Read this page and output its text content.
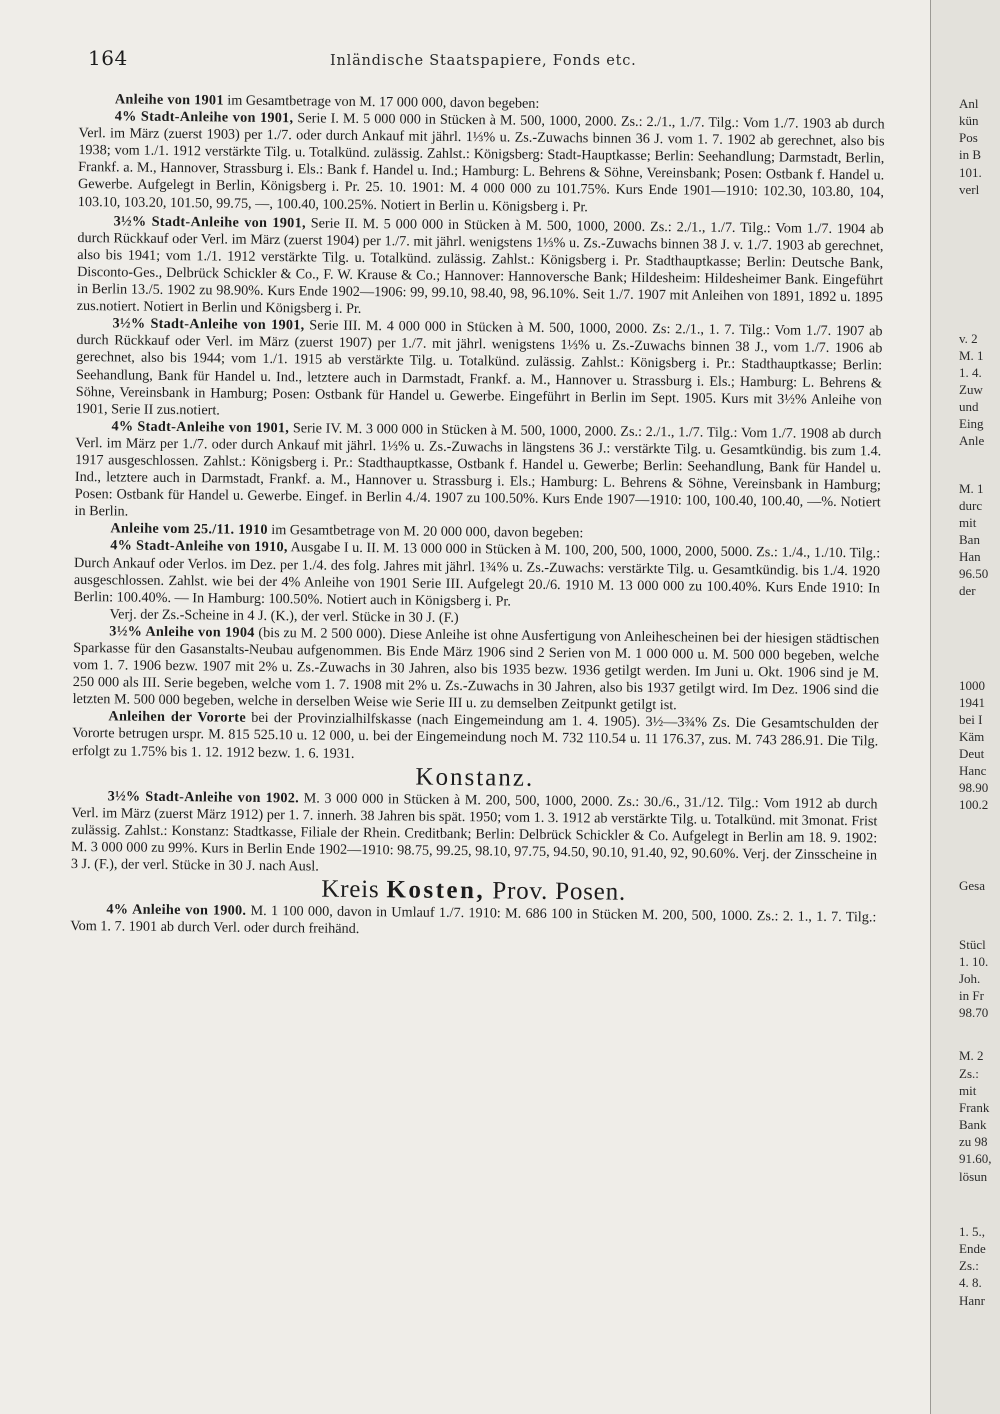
164	Inländische Staatspapiere, Fonds etc.

Anleihe von 1901 im Gesamtbetrage von M. 17 000 000, davon begeben:

4% Stadt-Anleihe von 1901, Serie I. M. 5 000 000 in Stücken à M. 500, 1000, 2000. Zs.: 2./1., 1./7. Tilg.: Vom 1./7. 1903 ab durch Verl. im März (zuerst 1903) per 1./7. oder durch Ankauf mit jährl. 1⅓% u. Zs.-Zuwachs binnen 36 J. vom 1. 7. 1902 ab gerechnet, also bis 1938; vom 1./1. 1912 verstärkte Tilg. u. Totalkünd. zulässig. Zahlst.: Königsberg: Stadt-Hauptkasse; Berlin: Seehandlung; Darmstadt, Berlin, Frankf. a. M., Hannover, Strassburg i. Els.: Bank f. Handel u. Ind.; Hamburg: L. Behrens & Söhne, Vereinsbank; Posen: Ostbank f. Handel u. Gewerbe. Aufgelegt in Berlin, Königsberg i. Pr. 25. 10. 1901: M. 4 000 000 zu 101.75%. Kurs Ende 1901—1910: 102.30, 103.80, 104, 103.10, 103.20, 101.50, 99.75, —, 100.40, 100.25%. Notiert in Berlin u. Königsberg i. Pr.

3½% Stadt-Anleihe von 1901, Serie II. M. 5 000 000 in Stücken à M. 500, 1000, 2000. Zs.: 2./1., 1./7. Tilg.: Vom 1./7. 1904 ab durch Rückkauf oder Verl. im März (zuerst 1904) per 1./7. mit jährl. wenigstens 1⅓% u. Zs.-Zuwachs binnen 38 J. v. 1./7. 1903 ab gerechnet, also bis 1941; vom 1./1. 1912 verstärkte Tilg. u. Totalkünd. zulässig. Zahlst.: Königsberg i. Pr. Stadthauptkasse; Berlin: Deutsche Bank, Disconto-Ges., Delbrück Schickler & Co., F. W. Krause & Co.; Hannover: Hannoversche Bank; Hildesheim: Hildesheimer Bank. Eingeführt in Berlin 13./5. 1902 zu 98.90%. Kurs Ende 1902—1906: 99, 99.10, 98.40, 98, 96.10%. Seit 1./7. 1907 mit Anleihen von 1891, 1892 u. 1895 zus.notiert. Notiert in Berlin und Königsberg i. Pr.

3½% Stadt-Anleihe von 1901, Serie III. M. 4 000 000 in Stücken à M. 500, 1000, 2000. Zs: 2./1., 1. 7. Tilg.: Vom 1./7. 1907 ab durch Rückkauf oder Verl. im März (zuerst 1907) per 1./7. mit jährl. wenigstens 1⅓% u. Zs.-Zuwachs binnen 38 J., vom 1./7. 1906 ab gerechnet, also bis 1944; vom 1./1. 1915 ab verstärkte Tilg. u. Totalkünd. zulässig. Zahlst.: Königsberg i. Pr.: Stadthauptkasse; Berlin: Seehandlung, Bank für Handel u. Ind., letztere auch in Darmstadt, Frankf. a. M., Hannover u. Strassburg i. Els.; Hamburg: L. Behrens & Söhne, Vereinsbank in Hamburg; Posen: Ostbank für Handel u. Gewerbe. Eingeführt in Berlin im Sept. 1905. Kurs mit 3½% Anleihe von 1901, Serie II zus.notiert.

4% Stadt-Anleihe von 1901, Serie IV. M. 3 000 000 in Stücken à M. 500, 1000, 2000. Zs.: 2./1., 1./7. Tilg.: Vom 1./7. 1908 ab durch Verl. im März per 1./7. oder durch Ankauf mit jährl. 1⅓% u. Zs.-Zuwachs in längstens 36 J.: verstärkte Tilg. u. Gesamtkündig. bis zum 1.4. 1917 ausgeschlossen. Zahlst.: Königsberg i. Pr.: Stadthauptkasse, Ostbank f. Handel u. Gewerbe; Berlin: Seehandlung, Bank für Handel u. Ind., letztere auch in Darmstadt, Frankf. a. M., Hannover u. Strassburg i. Els.; Hamburg: L. Behrens & Söhne, Vereinsbank in Hamburg; Posen: Ostbank für Handel u. Gewerbe. Eingef. in Berlin 4./4. 1907 zu 100.50%. Kurs Ende 1907—1910: 100, 100.40, 100.40, —%. Notiert in Berlin.

Anleihe vom 25./11. 1910 im Gesamtbetrage von M. 20 000 000, davon begeben:

4% Stadt-Anleihe von 1910, Ausgabe I u. II. M. 13 000 000 in Stücken à M. 100, 200, 500, 1000, 2000, 5000. Zs.: 1./4., 1./10. Tilg.: Durch Ankauf oder Verlos. im Dez. per 1./4. des folg. Jahres mit jährl. 1¾% u. Zs.-Zuwachs: verstärkte Tilg. u. Gesamtkündig. bis 1./4. 1920 ausgeschlossen. Zahlst. wie bei der 4% Anleihe von 1901 Serie III. Aufgelegt 20./6. 1910 M. 13 000 000 zu 100.40%. Kurs Ende 1910: In Berlin: 100.40%. — In Hamburg: 100.50%. Notiert auch in Königsberg i. Pr.

Verj. der Zs.-Scheine in 4 J. (K.), der verl. Stücke in 30 J. (F.)

3½% Anleihe von 1904 (bis zu M. 2 500 000). Diese Anleihe ist ohne Ausfertigung von Anleihescheinen bei der hiesigen städtischen Sparkasse für den Gasanstalts-Neubau aufgenommen. Bis Ende März 1906 sind 2 Serien von M. 1 000 000 u. M. 500 000 begeben, welche vom 1. 7. 1906 bezw. 1907 mit 2% u. Zs.-Zuwachs in 30 Jahren, also bis 1935 bezw. 1936 getilgt werden. Im Juni u. Okt. 1906 sind je M. 250 000 als III. Serie begeben, welche vom 1. 7. 1908 mit 2% u. Zs.-Zuwachs in 30 Jahren, also bis 1937 getilgt wird. Im Dez. 1906 sind die letzten M. 500 000 begeben, welche in derselben Weise wie Serie III u. zu demselben Zeitpunkt getilgt ist.

Anleihen der Vororte bei der Provinzialhilfskasse (nach Eingemeindung am 1. 4. 1905). 3½—3¾% Zs. Die Gesamtschulden der Vororte betrugen urspr. M. 815 525.10 u. 12 000, u. bei der Eingemeindung noch M. 732 110.54 u. 11 176.37, zus. M. 743 286.91. Die Tilg. erfolgt zu 1.75% bis 1. 12. 1912 bezw. 1. 6. 1931.

Konstanz.

3½% Stadt-Anleihe von 1902. M. 3 000 000 in Stücken à M. 200, 500, 1000, 2000. Zs.: 30./6., 31./12. Tilg.: Vom 1912 ab durch Verl. im März (zuerst März 1912) per 1. 7. innerh. 38 Jahren bis spät. 1950; vom 1. 3. 1912 ab verstärkte Tilg. u. Totalkünd. mit 3monat. Frist zulässig. Zahlst.: Konstanz: Stadtkasse, Filiale der Rhein. Creditbank; Berlin: Delbrück Schickler & Co. Aufgelegt in Berlin am 18. 9. 1902: M. 3 000 000 zu 99%. Kurs in Berlin Ende 1902—1910: 98.75, 99.25, 98.10, 97.75, 94.50, 90.10, 91.40, 92, 90.60%. Verj. der Zinsscheine in 3 J. (F.), der verl. Stücke in 30 J. nach Ausl.

Kreis Kosten, Prov. Posen.

4% Anleihe von 1900. M. 1 100 000, davon in Umlauf 1./7. 1910: M. 686 100 in Stücken M. 200, 500, 1000. Zs.: 2. 1., 1. 7. Tilg.: Vom 1. 7. 1901 ab durch Verl. oder durch freihänd.

Anl
kün
Pos
in B
101.
verl
v. 2
M. 1
1. 4.
Zuw
und
Eing
Anle
M. 1
durc
mit
Ban
Han
96.50
der
1000
1941
bei I
Käm
Deut
Hanc
98.90
100.2
Gesa
Stücl
1. 10.
Joh.
in Fr
98.70
M. 2
Zs.:
mit
Frank
Bank
zu 98
91.60,
lösun
1. 5.,
Ende
Zs.:
4. 8.
Hanr
